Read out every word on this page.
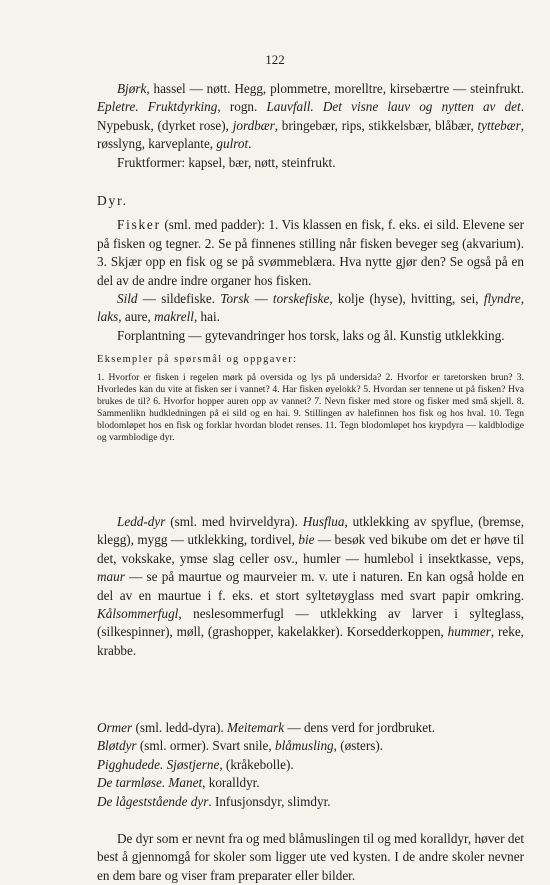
122

Bjørk, hassel — nøtt. Hegg, plommetre, morelltre, kirsebærtre — steinfrukt. Epletre. Fruktdyrking, rogn. Lauvfall. Det visne lauv og nytten av det. Nypebusk, (dyrket rose), jordbær, bringebær, rips, stikkelsbær, blåbær, tyttebær, røsslyng, karveplante, gulrot.

Fruktformer: kapsel, bær, nøtt, steinfrukt.

Dyr.

Fisker (sml. med padder): 1. Vis klassen en fisk, f. eks. ei sild. Elevene ser på fisken og tegner. 2. Se på finnenes stilling når fisken beveger seg (akvarium). 3. Skjær opp en fisk og se på svømmeblæra. Hva nytte gjør den? Se også på en del av de andre indre organer hos fisken.

Sild — sildefiske. Torsk — torskefiske, kolje (hyse), hvitting, sei, flyndre, laks, aure, makrell, hai.

Forplantning — gytevandringer hos torsk, laks og ål. Kunstig utklekking.

Eksempler på spørsmål og oppgaver:

1. Hvorfor er fisken i regelen mørk på oversida og lys på undersida? 2. Hvorfor er taretorsken brun? 3. Hvorledes kan du vite at fisken ser i vannet? 4. Har fisken øyelokk? 5. Hvordan ser tennene ut på fisken? Hva brukes de til? 6. Hvorfor hopper auren opp av vannet? 7. Nevn fisker med store og fisker med små skjell. 8. Sammenlikn hudkledningen på ei sild og en hai. 9. Stillingen av halefinnen hos fisk og hos hval. 10. Tegn blodomløpet hos en fisk og forklar hvordan blodet renses. 11. Tegn blodomløpet hos krypdyra — kaldblodige og varmblodige dyr.

Ledd-dyr (sml. med hvirveldyra). Husflua, utklekking av spyflue, (bremse, klegg), mygg — utklekking, tordivel, bie — besøk ved bikube om det er høve til det, vokskake, ymse slag celler osv., humler — humlebol i insektkasse, veps, maur — se på maurtue og maurveier m. v. ute i naturen. En kan også holde en del av en maurtue i f. eks. et stort syltetøyglass med svart papir omkring. Kålsommerfugl, neslesommerfugl — utklekking av larver i sylteglass, (silkespinner), møll, (grashopper, kakelakker). Korsedderkoppen, hummer, reke, krabbe.

Ormer (sml. ledd-dyra). Meitemark — dens verd for jordbruket.

Bløtdyr (sml. ormer). Svart snile, blåmusling, (østers).

Pigghudede. Sjøstjerne, (kråkebolle).

De tarmløse. Manet, koralldyr.

De lågeststående dyr. Infusjonsdyr, slimdyr.

De dyr som er nevnt fra og med blåmuslingen til og med koralldyr, høver det best å gjennomgå for skoler som ligger ute ved kysten. I de andre skoler nevner en dem bare og viser fram preparater eller bilder.
